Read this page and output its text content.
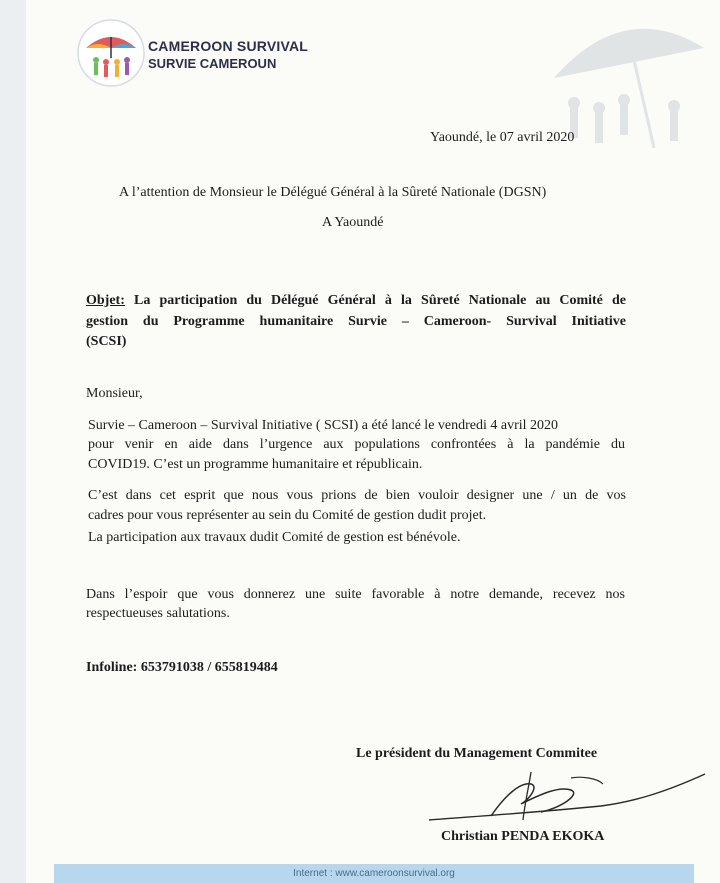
CAMEROON SURVIVAL
SURVIE CAMEROUN
Yaoundé, le 07 avril 2020
A l’attention de Monsieur le Délégué Général à la Sûreté Nationale (DGSN)
A Yaoundé
Objet: La participation du Délégué Général à la Sûreté Nationale au Comité de
gestion du Programme humanitaire Survie – Cameroon- Survival Initiative
(SCSI)
Monsieur,
Survie – Cameroon – Survival Initiative ( SCSI) a été lancé le vendredi 4 avril 2020
pour venir en aide dans l’urgence aux populations confrontées à la pandémie du
COVID19. C’est un programme humanitaire et républicain.
C’est dans cet esprit que nous vous prions de bien vouloir designer une / un de vos
cadres pour vous représenter au sein du Comité de gestion dudit projet.
La participation aux travaux dudit Comité de gestion est bénévole.
Dans l’espoir que vous donnerez une suite favorable à notre demande, recevez nos
respectueuses salutations.
Infoline: 653791038 / 655819484
Le président du Management Commitee
Christian PENDA EKOKA
Internet : www.cameroonsurvival.org
